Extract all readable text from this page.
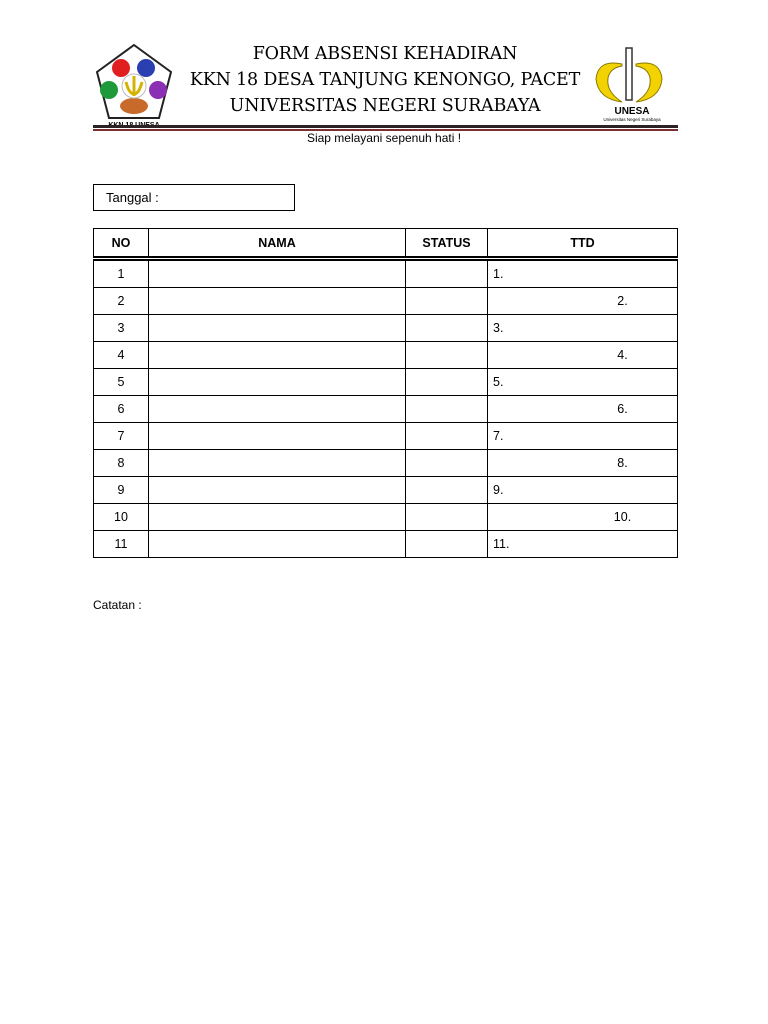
FORM ABSENSI KEHADIRAN
KKN 18 DESA TANJUNG KENONGO, PACET
UNIVERSITAS NEGERI SURABAYA	UNESA
Universitas Negeri Surabaya
Siap melayani sepenuh hati !
Tanggal :
NO	NAMA	STATUS	TTD
1			1.
2			2.
3			3.
4			4.
5			5.
6			6.
7			7.
8			8.
9			9.
10			10.
11			11.
Catatan :
